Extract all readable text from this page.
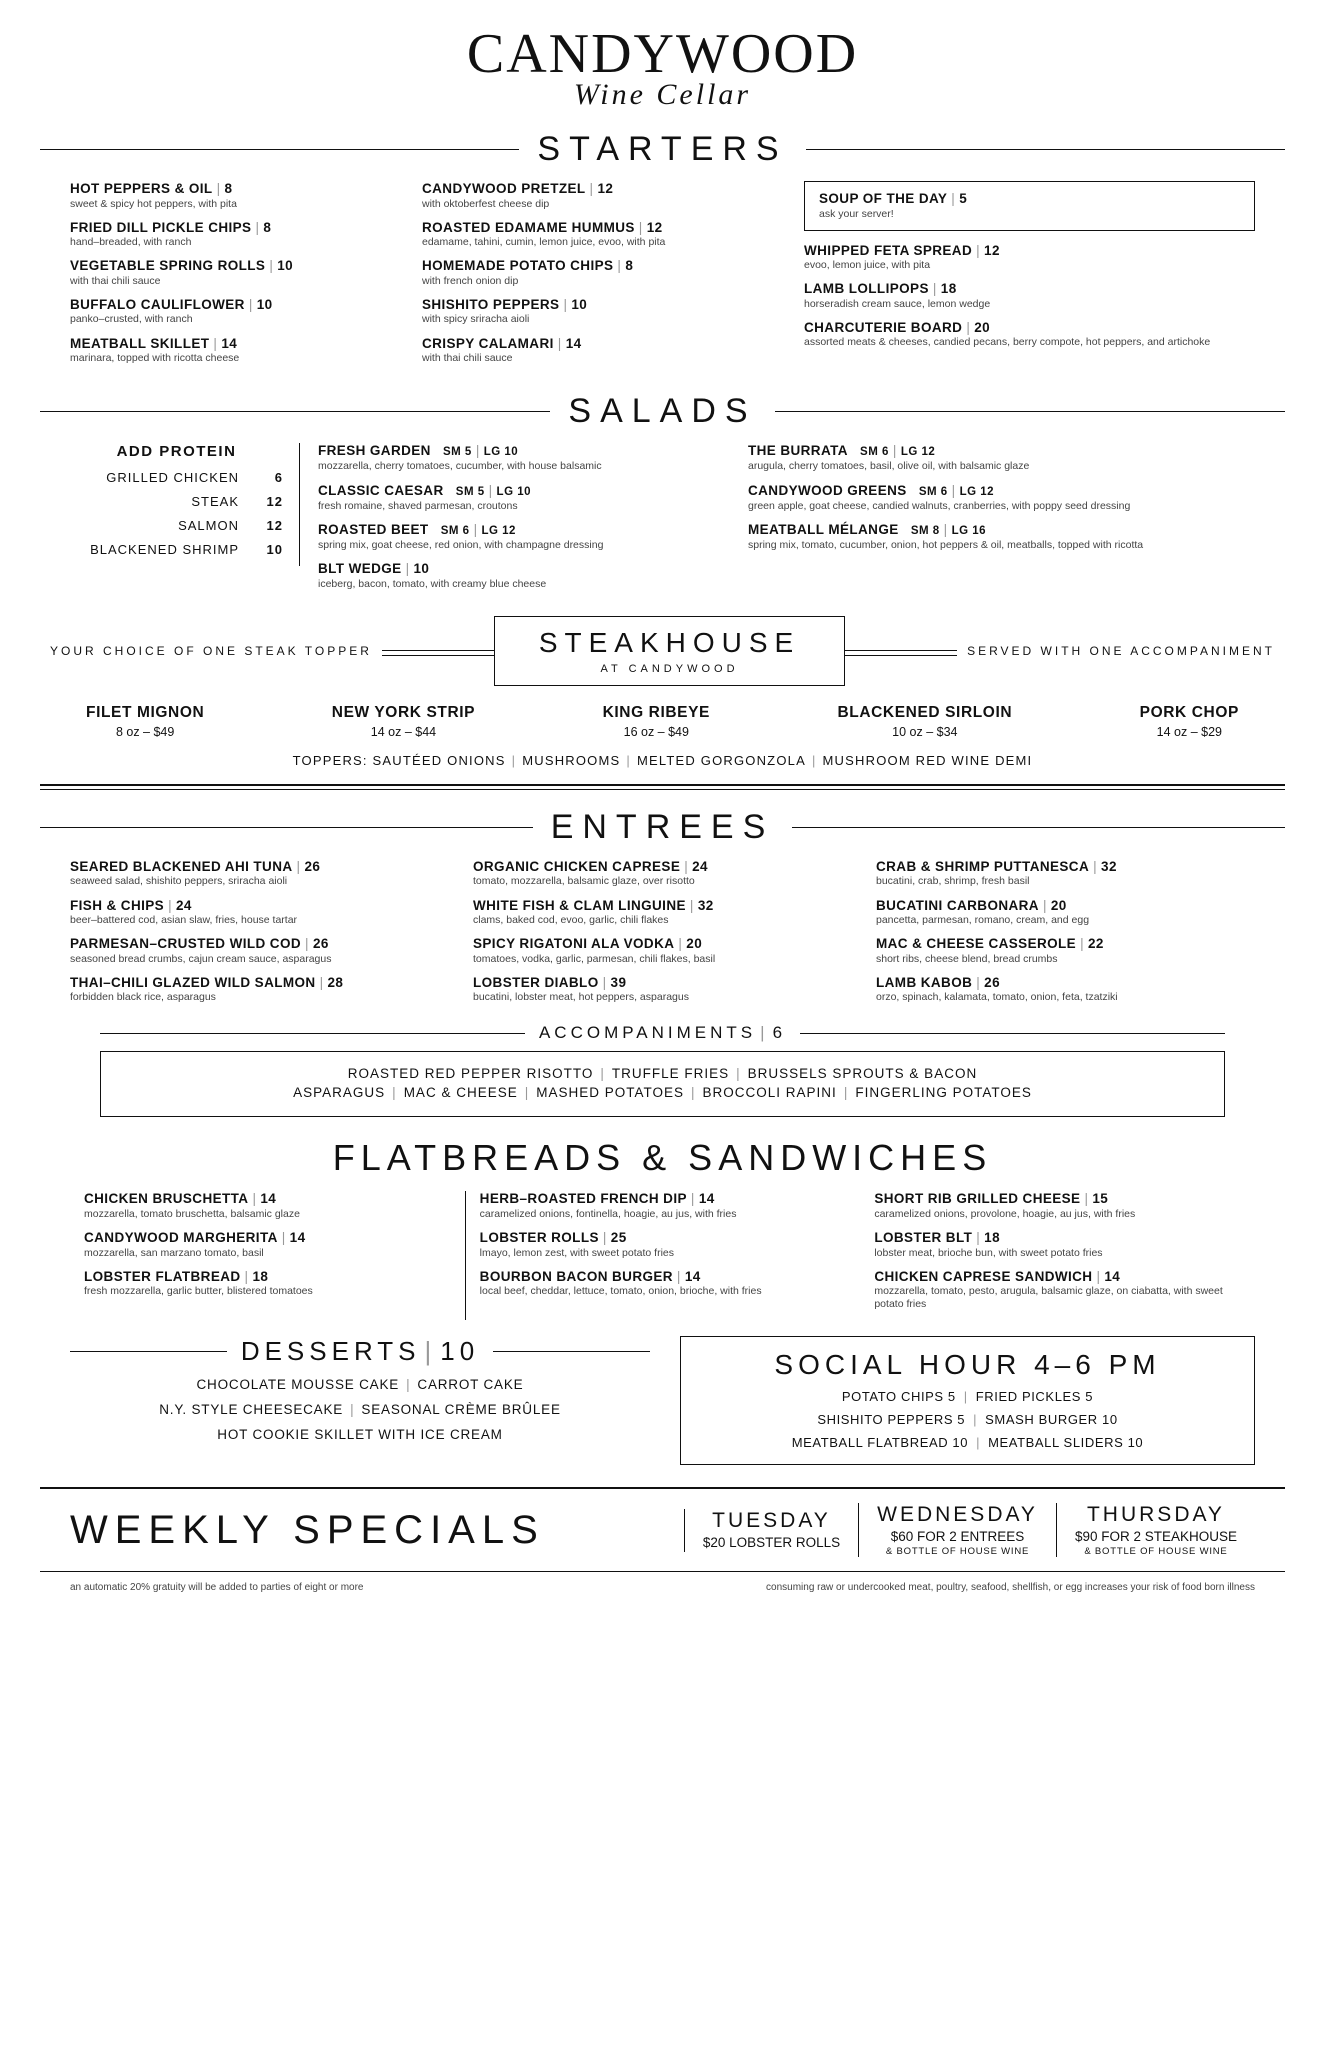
CANDYWOOD
Wine Cellar
STARTERS
HOT PEPPERS & OIL | 8
sweet & spicy hot peppers, with pita
FRIED DILL PICKLE CHIPS | 8
hand–breaded, with ranch
VEGETABLE SPRING ROLLS | 10
with thai chili sauce
BUFFALO CAULIFLOWER | 10
panko–crusted, with ranch
MEATBALL SKILLET | 14
marinara, topped with ricotta cheese
CANDYWOOD PRETZEL | 12
with oktoberfest cheese dip
ROASTED EDAMAME HUMMUS | 12
edamame, tahini, cumin, lemon juice, evoo, with pita
HOMEMADE POTATO CHIPS | 8
with french onion dip
SHISHITO PEPPERS | 10
with spicy sriracha aioli
CRISPY CALAMARI | 14
with thai chili sauce
SOUP OF THE DAY | 5
ask your server!
WHIPPED FETA SPREAD | 12
evoo, lemon juice, with pita
LAMB LOLLIPOPS | 18
horseradish cream sauce, lemon wedge
CHARCUTERIE BOARD | 20
assorted meats & cheeses, candied pecans, berry compote, hot peppers, and artichoke
SALADS
ADD PROTEIN
GRILLED CHICKEN	6
STEAK	12
SALMON	12
BLACKENED SHRIMP	10
FRESH GARDEN SM 5 | LG 10
mozzarella, cherry tomatoes, cucumber, with house balsamic
CLASSIC CAESAR SM 5 | LG 10
fresh romaine, shaved parmesan, croutons
ROASTED BEET SM 6 | LG 12
spring mix, goat cheese, red onion, with champagne dressing
BLT WEDGE | 10
iceberg, bacon, tomato, with creamy blue cheese
THE BURRATA SM 6 | LG 12
arugula, cherry tomatoes, basil, olive oil, with balsamic glaze
CANDYWOOD GREENS SM 6 | LG 12
green apple, goat cheese, candied walnuts, cranberries, with poppy seed dressing
MEATBALL MÉLANGE SM 8 | LG 16
spring mix, tomato, cucumber, onion, hot peppers & oil, meatballs, topped with ricotta
YOUR CHOICE OF ONE STEAK TOPPER	STEAKHOUSE
AT CANDYWOOD
SERVED WITH ONE ACCOMPANIMENT
FILET MIGNON
8 oz – $49
NEW YORK STRIP
14 oz – $44
KING RIBEYE
16 oz – $49
BLACKENED SIRLOIN
10 oz – $34
PORK CHOP
14 oz – $29
TOPPERS: SAUTÉED ONIONS | MUSHROOMS | MELTED GORGONZOLA | MUSHROOM RED WINE DEMI
ENTREES
SEARED BLACKENED AHI TUNA | 26
seaweed salad, shishito peppers, sriracha aioli
FISH & CHIPS | 24
beer–battered cod, asian slaw, fries, house tartar
PARMESAN–CRUSTED WILD COD | 26
seasoned bread crumbs, cajun cream sauce, asparagus
THAI–CHILI GLAZED WILD SALMON | 28
forbidden black rice, asparagus
ORGANIC CHICKEN CAPRESE | 24
tomato, mozzarella, balsamic glaze, over risotto
WHITE FISH & CLAM LINGUINE | 32
clams, baked cod, evoo, garlic, chili flakes
SPICY RIGATONI ALA VODKA | 20
tomatoes, vodka, garlic, parmesan, chili flakes, basil
LOBSTER DIABLO | 39
bucatini, lobster meat, hot peppers, asparagus
CRAB & SHRIMP PUTTANESCA | 32
bucatini, crab, shrimp, fresh basil
BUCATINI CARBONARA | 20
pancetta, parmesan, romano, cream, and egg
MAC & CHEESE CASSEROLE | 22
short ribs, cheese blend, bread crumbs
LAMB KABOB | 26
orzo, spinach, kalamata, tomato, onion, feta, tzatziki
ACCOMPANIMENTS | 6
ROASTED RED PEPPER RISOTTO | TRUFFLE FRIES | BRUSSELS SPROUTS & BACON
ASPARAGUS | MAC & CHEESE | MASHED POTATOES | BROCCOLI RAPINI | FINGERLING POTATOES
FLATBREADS & SANDWICHES
CHICKEN BRUSCHETTA | 14
mozzarella, tomato bruschetta, balsamic glaze
CANDYWOOD MARGHERITA | 14
mozzarella, san marzano tomato, basil
LOBSTER FLATBREAD | 18
fresh mozzarella, garlic butter, blistered tomatoes
HERB–ROASTED FRENCH DIP | 14
caramelized onions, fontinella, hoagie, au jus, with fries
LOBSTER ROLLS | 25
lmayo, lemon zest, with sweet potato fries
BOURBON BACON BURGER | 14
local beef, cheddar, lettuce, tomato, onion, brioche, with fries
SHORT RIB GRILLED CHEESE | 15
caramelized onions, provolone, hoagie, au jus, with fries
LOBSTER BLT | 18
lobster meat, brioche bun, with sweet potato fries
CHICKEN CAPRESE SANDWICH | 14
mozzarella, tomato, pesto, arugula, balsamic glaze, on ciabatta, with sweet potato fries
DESSERTS | 10
CHOCOLATE MOUSSE CAKE | CARROT CAKE
N.Y. STYLE CHEESECAKE | SEASONAL CRÈME BRÛLEE
HOT COOKIE SKILLET WITH ICE CREAM
SOCIAL HOUR 4–6 PM
POTATO CHIPS 5 | FRIED PICKLES 5
SHISHITO PEPPERS 5 | SMASH BURGER 10
MEATBALL FLATBREAD 10 | MEATBALL SLIDERS 10
WEEKLY SPECIALS	TUESDAY
$20 LOBSTER ROLLS
WEDNESDAY
$60 FOR 2 ENTREES
& BOTTLE OF HOUSE WINE
THURSDAY
$90 FOR 2 STEAKHOUSE
& BOTTLE OF HOUSE WINE
an automatic 20% gratuity will be added to parties of eight or more	consuming raw or undercooked meat, poultry, seafood, shellfish, or egg increases your risk of food born illness
